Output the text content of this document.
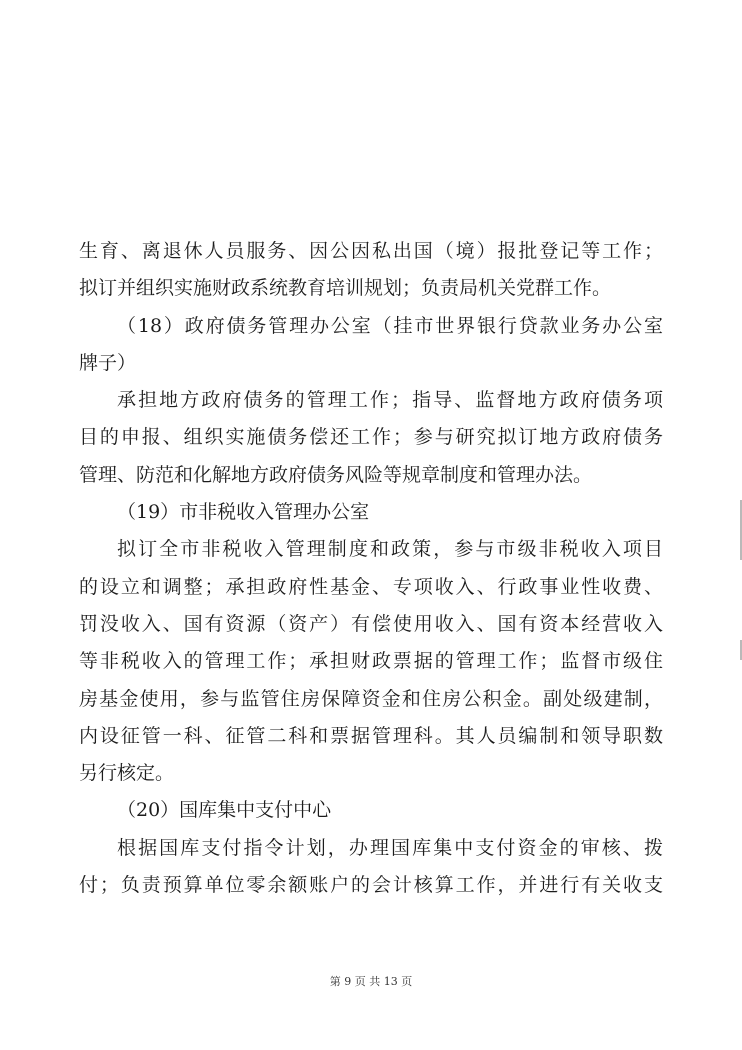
生育、离退休人员服务、因公因私出国（境）报批登记等工作；
拟订并组织实施财政系统教育培训规划；负责局机关党群工作。
（18）政府债务管理办公室（挂市世界银行贷款业务办公室
牌子）
承担地方政府债务的管理工作；指导、监督地方政府债务项
目的申报、组织实施债务偿还工作；参与研究拟订地方政府债务
管理、防范和化解地方政府债务风险等规章制度和管理办法。
（19）市非税收入管理办公室
拟订全市非税收入管理制度和政策，参与市级非税收入项目
的设立和调整；承担政府性基金、专项收入、行政事业性收费、
罚没收入、国有资源（资产）有偿使用收入、国有资本经营收入
等非税收入的管理工作；承担财政票据的管理工作；监督市级住
房基金使用，参与监管住房保障资金和住房公积金。副处级建制，
内设征管一科、征管二科和票据管理科。其人员编制和领导职数
另行核定。
（20）国库集中支付中心
根据国库支付指令计划，办理国库集中支付资金的审核、拨
付；负责预算单位零余额账户的会计核算工作，并进行有关收支
第 9 页 共 13 页
